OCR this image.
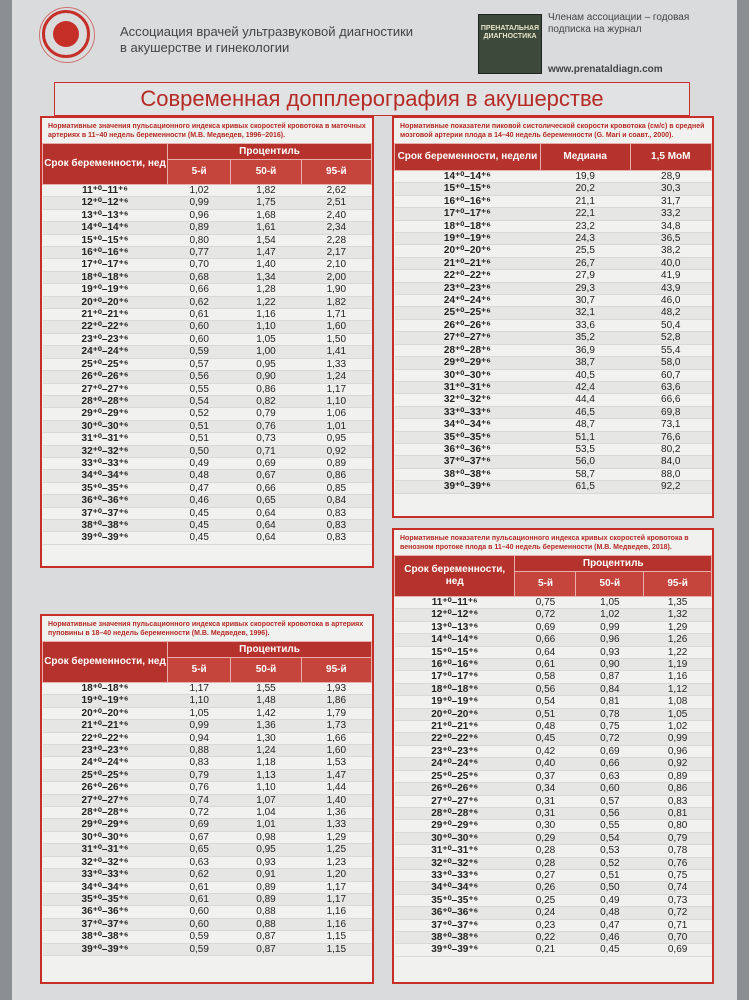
Ассоциация врачей ультразвуковой диагностики
в акушерстве и гинекологии
ПРЕНАТАЛЬНАЯ ДИАГНОСТИКА
Членам ассоциации – годовая
подписка на журнал
www.prenataldiagn.com
Современная допплерография в акушерстве
Нормативные значения пульсационного индекса кривых скоростей кровотока в маточных артериях в 11–40 недель беременности (М.В. Медведев, 1996–2016).
Срок беременности, нед	Процентиль		
	5-й	50-й	95-й
11⁺⁰–11⁺⁶	1,02	1,82	2,62
12⁺⁰–12⁺⁶	0,99	1,75	2,51
13⁺⁰–13⁺⁶	0,96	1,68	2,40
14⁺⁰–14⁺⁶	0,89	1,61	2,34
15⁺⁰–15⁺⁶	0,80	1,54	2,28
16⁺⁰–16⁺⁶	0,77	1,47	2,17
17⁺⁰–17⁺⁶	0,70	1,40	2,10
18⁺⁰–18⁺⁶	0,68	1,34	2,00
19⁺⁰–19⁺⁶	0,66	1,28	1,90
20⁺⁰–20⁺⁶	0,62	1,22	1,82
21⁺⁰–21⁺⁶	0,61	1,16	1,71
22⁺⁰–22⁺⁶	0,60	1,10	1,60
23⁺⁰–23⁺⁶	0,60	1,05	1,50
24⁺⁰–24⁺⁶	0,59	1,00	1,41
25⁺⁰–25⁺⁶	0,57	0,95	1,33
26⁺⁰–26⁺⁶	0,56	0,90	1,24
27⁺⁰–27⁺⁶	0,55	0,86	1,17
28⁺⁰–28⁺⁶	0,54	0,82	1,10
29⁺⁰–29⁺⁶	0,52	0,79	1,06
30⁺⁰–30⁺⁶	0,51	0,76	1,01
31⁺⁰–31⁺⁶	0,51	0,73	0,95
32⁺⁰–32⁺⁶	0,50	0,71	0,92
33⁺⁰–33⁺⁶	0,49	0,69	0,89
34⁺⁰–34⁺⁶	0,48	0,67	0,86
35⁺⁰–35⁺⁶	0,47	0,66	0,85
36⁺⁰–36⁺⁶	0,46	0,65	0,84
37⁺⁰–37⁺⁶	0,45	0,64	0,83
38⁺⁰–38⁺⁶	0,45	0,64	0,83
39⁺⁰–39⁺⁶	0,45	0,64	0,83
Нормативные показатели пиковой систолической скорости кровотока (см/с) в средней мозговой артерии плода в 14–40 недель беременности (G. Mari и соавт., 2000).
Срок беременности, недели	Медиана	1,5 МоМ
14⁺⁰–14⁺⁶	19,9	28,9
15⁺⁰–15⁺⁶	20,2	30,3
16⁺⁰–16⁺⁶	21,1	31,7
17⁺⁰–17⁺⁶	22,1	33,2
18⁺⁰–18⁺⁶	23,2	34,8
19⁺⁰–19⁺⁶	24,3	36,5
20⁺⁰–20⁺⁶	25,5	38,2
21⁺⁰–21⁺⁶	26,7	40,0
22⁺⁰–22⁺⁶	27,9	41,9
23⁺⁰–23⁺⁶	29,3	43,9
24⁺⁰–24⁺⁶	30,7	46,0
25⁺⁰–25⁺⁶	32,1	48,2
26⁺⁰–26⁺⁶	33,6	50,4
27⁺⁰–27⁺⁶	35,2	52,8
28⁺⁰–28⁺⁶	36,9	55,4
29⁺⁰–29⁺⁶	38,7	58,0
30⁺⁰–30⁺⁶	40,5	60,7
31⁺⁰–31⁺⁶	42,4	63,6
32⁺⁰–32⁺⁶	44,4	66,6
33⁺⁰–33⁺⁶	46,5	69,8
34⁺⁰–34⁺⁶	48,7	73,1
35⁺⁰–35⁺⁶	51,1	76,6
36⁺⁰–36⁺⁶	53,5	80,2
37⁺⁰–37⁺⁶	56,0	84,0
38⁺⁰–38⁺⁶	58,7	88,0
39⁺⁰–39⁺⁶	61,5	92,2
Нормативные значения пульсационного индекса кривых скоростей кровотока в артериях пуповины в 18–40 недель беременности (М.В. Медведев, 1996).
Срок беременности, нед	Процентиль		
	5-й	50-й	95-й
18⁺⁰–18⁺⁶	1,17	1,55	1,93
19⁺⁰–19⁺⁶	1,10	1,48	1,86
20⁺⁰–20⁺⁶	1,05	1,42	1,79
21⁺⁰–21⁺⁶	0,99	1,36	1,73
22⁺⁰–22⁺⁶	0,94	1,30	1,66
23⁺⁰–23⁺⁶	0,88	1,24	1,60
24⁺⁰–24⁺⁶	0,83	1,18	1,53
25⁺⁰–25⁺⁶	0,79	1,13	1,47
26⁺⁰–26⁺⁶	0,76	1,10	1,44
27⁺⁰–27⁺⁶	0,74	1,07	1,40
28⁺⁰–28⁺⁶	0,72	1,04	1,36
29⁺⁰–29⁺⁶	0,69	1,01	1,33
30⁺⁰–30⁺⁶	0,67	0,98	1,29
31⁺⁰–31⁺⁶	0,65	0,95	1,25
32⁺⁰–32⁺⁶	0,63	0,93	1,23
33⁺⁰–33⁺⁶	0,62	0,91	1,20
34⁺⁰–34⁺⁶	0,61	0,89	1,17
35⁺⁰–35⁺⁶	0,61	0,89	1,17
36⁺⁰–36⁺⁶	0,60	0,88	1,16
37⁺⁰–37⁺⁶	0,60	0,88	1,16
38⁺⁰–38⁺⁶	0,59	0,87	1,15
39⁺⁰–39⁺⁶	0,59	0,87	1,15
Нормативные показатели пульсационного индекса кривых скоростей кровотока в венозном протоке плода в 11–40 недель беременности (М.В. Медведев, 2018).
Срок беременности, нед	Процентиль		
	5-й	50-й	95-й
11⁺⁰–11⁺⁶	0,75	1,05	1,35
12⁺⁰–12⁺⁶	0,72	1,02	1,32
13⁺⁰–13⁺⁶	0,69	0,99	1,29
14⁺⁰–14⁺⁶	0,66	0,96	1,26
15⁺⁰–15⁺⁶	0,64	0,93	1,22
16⁺⁰–16⁺⁶	0,61	0,90	1,19
17⁺⁰–17⁺⁶	0,58	0,87	1,16
18⁺⁰–18⁺⁶	0,56	0,84	1,12
19⁺⁰–19⁺⁶	0,54	0,81	1,08
20⁺⁰–20⁺⁶	0,51	0,78	1,05
21⁺⁰–21⁺⁶	0,48	0,75	1,02
22⁺⁰–22⁺⁶	0,45	0,72	0,99
23⁺⁰–23⁺⁶	0,42	0,69	0,96
24⁺⁰–24⁺⁶	0,40	0,66	0,92
25⁺⁰–25⁺⁶	0,37	0,63	0,89
26⁺⁰–26⁺⁶	0,34	0,60	0,86
27⁺⁰–27⁺⁶	0,31	0,57	0,83
28⁺⁰–28⁺⁶	0,31	0,56	0,81
29⁺⁰–29⁺⁶	0,30	0,55	0,80
30⁺⁰–30⁺⁶	0,29	0,54	0,79
31⁺⁰–31⁺⁶	0,28	0,53	0,78
32⁺⁰–32⁺⁶	0,28	0,52	0,76
33⁺⁰–33⁺⁶	0,27	0,51	0,75
34⁺⁰–34⁺⁶	0,26	0,50	0,74
35⁺⁰–35⁺⁶	0,25	0,49	0,73
36⁺⁰–36⁺⁶	0,24	0,48	0,72
37⁺⁰–37⁺⁶	0,23	0,47	0,71
38⁺⁰–38⁺⁶	0,22	0,46	0,70
39⁺⁰–39⁺⁶	0,21	0,45	0,69
